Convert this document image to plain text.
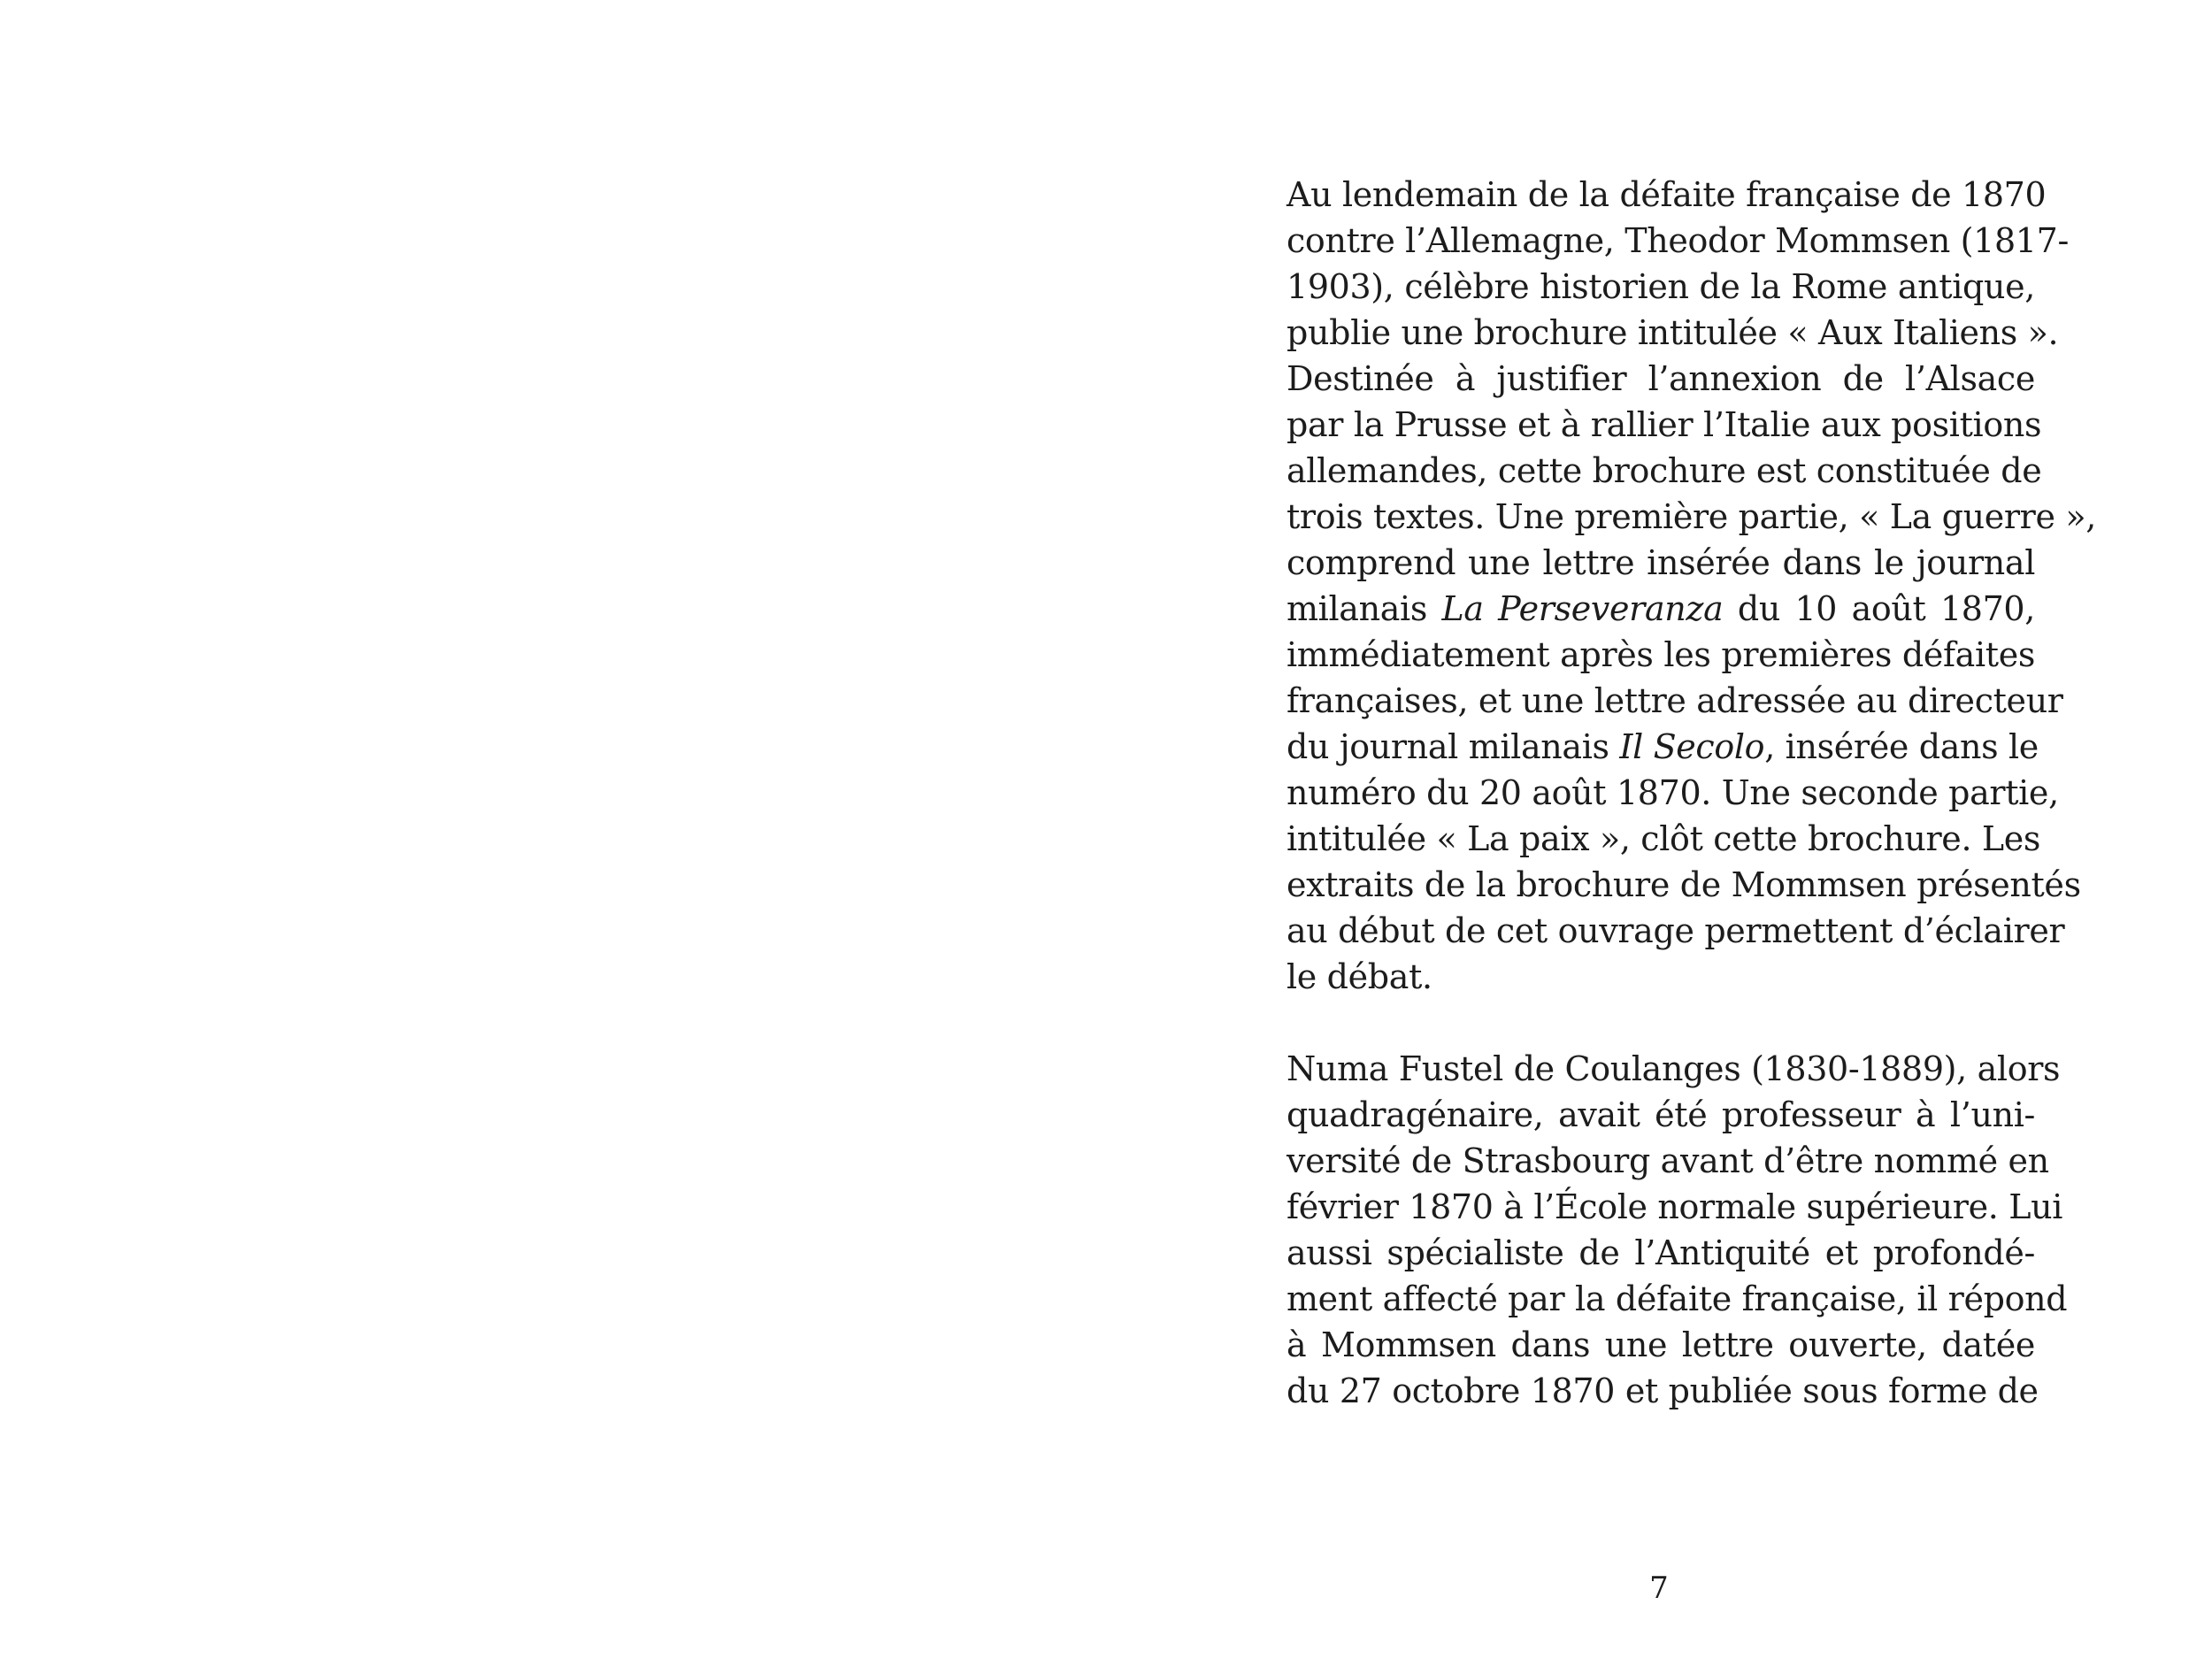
Au lendemain de la défaite française de 1870
contre l’Allemagne, Theodor Mommsen (1817-
1903), célèbre historien de la Rome antique,
publie une brochure intitulée « Aux Italiens ».
Destinée à justifier l’annexion de l’Alsace
par la Prusse et à rallier l’Italie aux positions
allemandes, cette brochure est constituée de
trois textes. Une première partie, « La guerre »,
comprend une lettre insérée dans le journal
milanais La Perseveranza du 10 août 1870,
immédiatement après les premières défaites
françaises, et une lettre adressée au directeur
du journal milanais Il Secolo, insérée dans le
numéro du 20 août 1870. Une seconde partie,
intitulée « La paix », clôt cette brochure. Les
extraits de la brochure de Mommsen présentés
au début de cet ouvrage permettent d’éclairer
le débat.
Numa Fustel de Coulanges (1830-1889), alors
quadragénaire, avait été professeur à l’uni-
versité de Strasbourg avant d’être nommé en
février 1870 à l’École normale supérieure. Lui
aussi spécialiste de l’Antiquité et profondé-
ment affecté par la défaite française, il répond
à Mommsen dans une lettre ouverte, datée
du 27 octobre 1870 et publiée sous forme de
7
